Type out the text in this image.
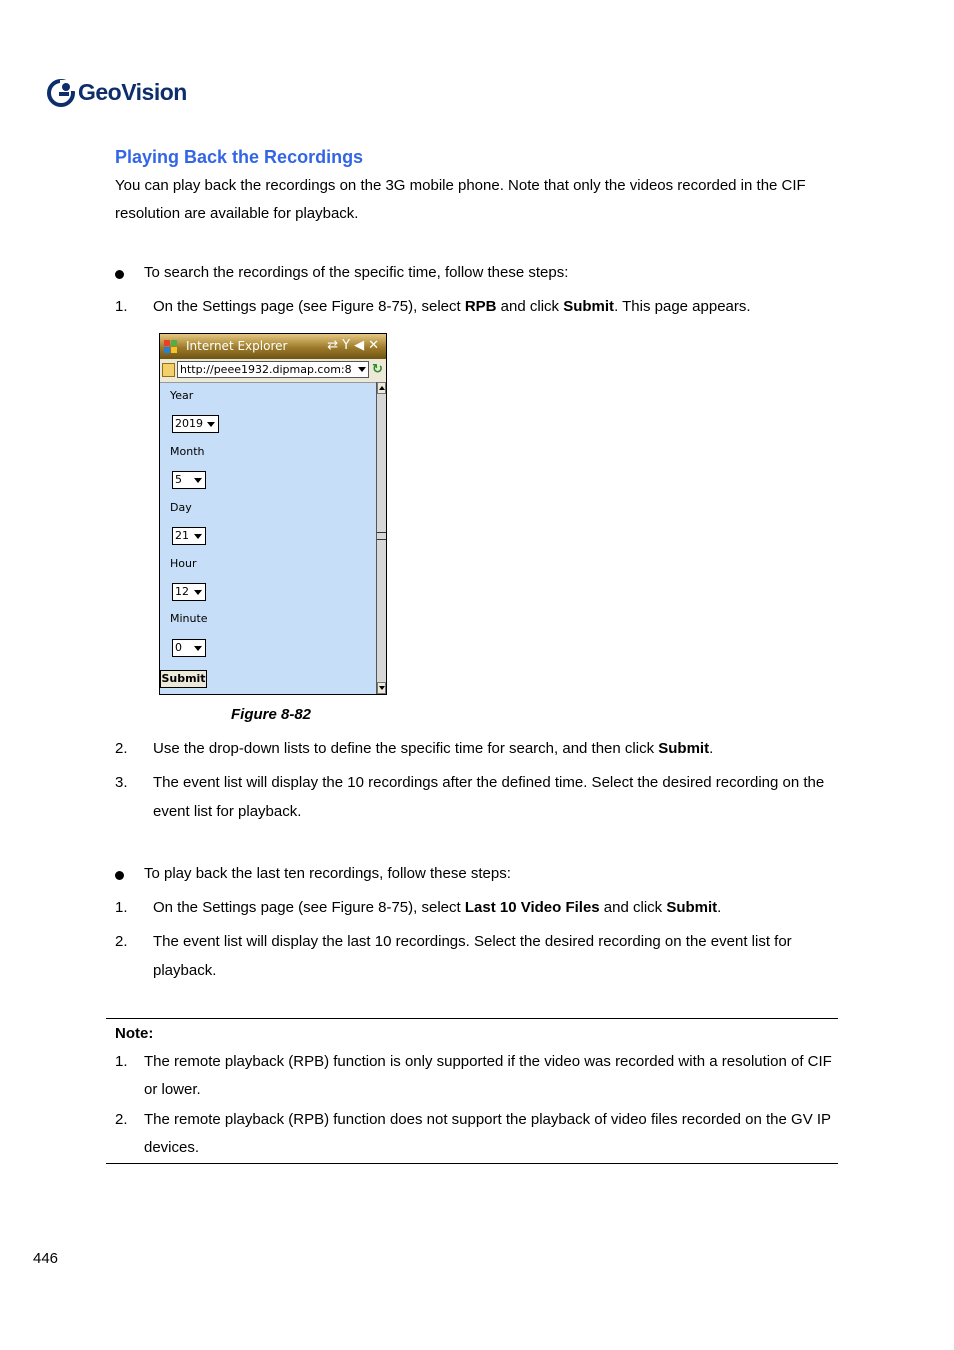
GeoVision
Playing Back the Recordings
You can play back the recordings on the 3G mobile phone. Note that only the videos recorded in the CIF resolution are available for playback.
To search the recordings of the specific time, follow these steps:
1. On the Settings page (see Figure 8-75), select RPB and click Submit. This page appears.
Internet Explorer	⇄Y◀✕
http://peee1932.dipmap.com:8	↻
Year
2019
Month
5
Day
21
Hour
12
Minute
0
Submit
Figure 8-82
2. Use the drop-down lists to define the specific time for search, and then click Submit.
3. The event list will display the 10 recordings after the defined time. Select the desired recording on the event list for playback.
To play back the last ten recordings, follow these steps:
1. On the Settings page (see Figure 8-75), select Last 10 Video Files and click Submit.
2. The event list will display the last 10 recordings. Select the desired recording on the event list for playback.
Note:
1. The remote playback (RPB) function is only supported if the video was recorded with a resolution of CIF or lower.
2. The remote playback (RPB) function does not support the playback of video files recorded on the GV IP devices.
446
